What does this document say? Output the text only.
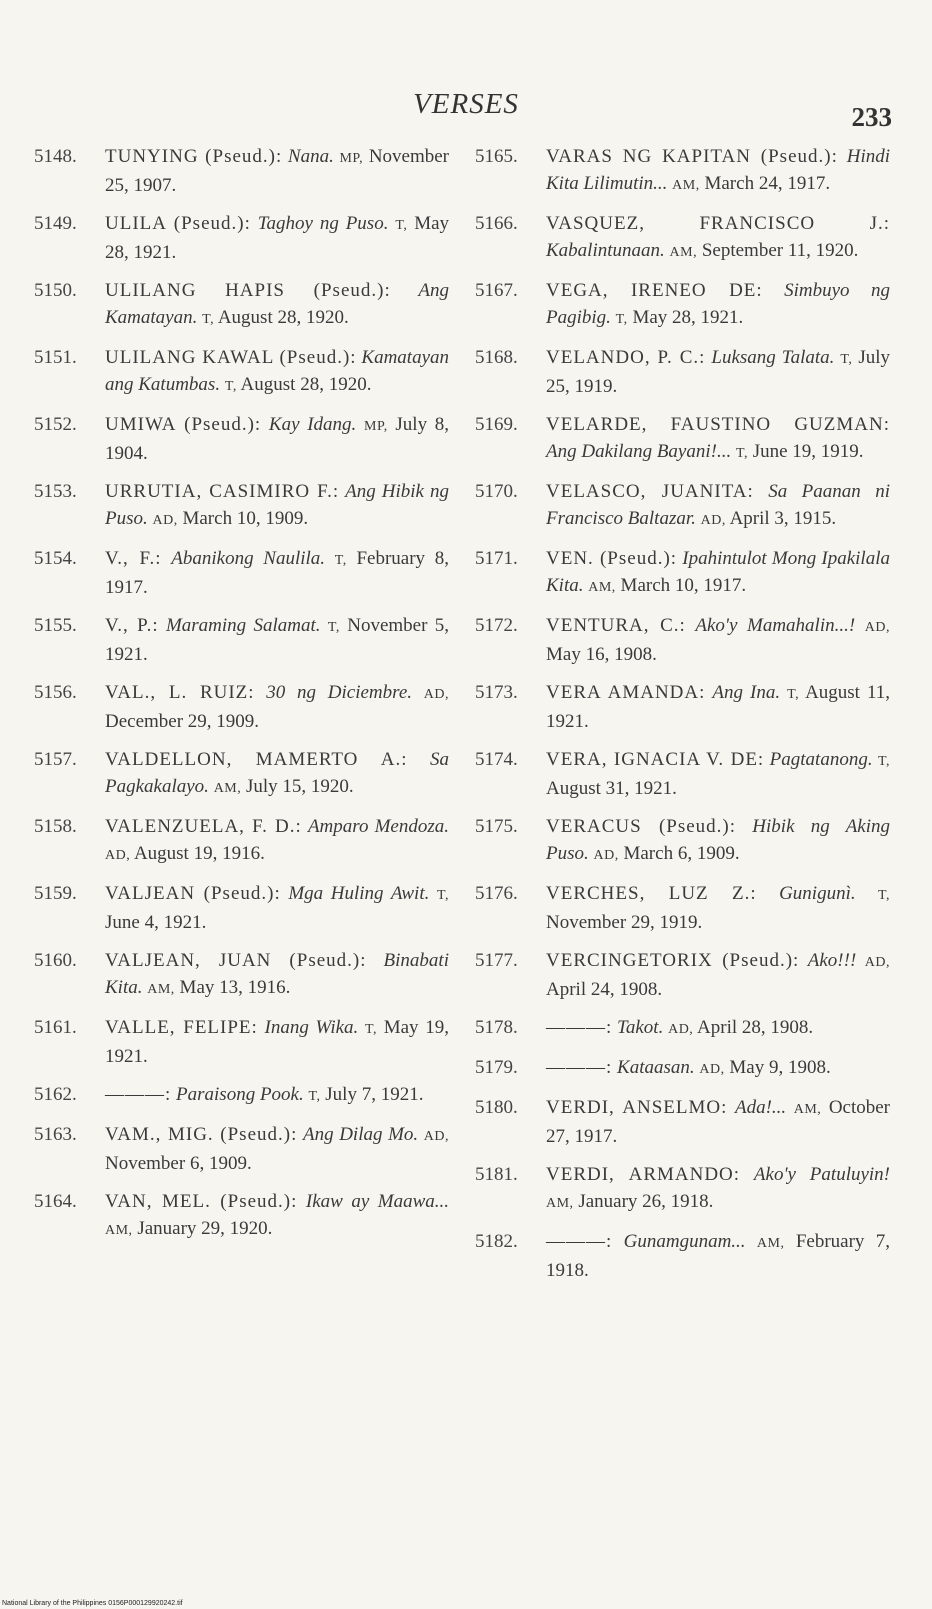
VERSES	233
5148. TUNYING (Pseud.): Nana. MP, November 25, 1907.
5149. ULILA (Pseud.): Taghoy ng Puso. T, May 28, 1921.
5150. ULILANG HAPIS (Pseud.): Ang Kamatayan. T, August 28, 1920.
5151. ULILANG KAWAL (Pseud.): Kamatayan ang Katumbas. T, August 28, 1920.
5152. UMIWA (Pseud.): Kay Idang. MP, July 8, 1904.
5153. URRUTIA, CASIMIRO F.: Ang Hibik ng Puso. AD, March 10, 1909.
5154. V., F.: Abanikong Naulila. T, February 8, 1917.
5155. V., P.: Maraming Salamat. T, November 5, 1921.
5156. VAL., L. RUIZ: 30 ng Diciembre. AD, December 29, 1909.
5157. VALDELLON, MAMERTO A.: Sa Pagkakalayo. AM, July 15, 1920.
5158. VALENZUELA, F. D.: Amparo Mendoza. AD, August 19, 1916.
5159. VALJEAN (Pseud.): Mga Huling Awit. T, June 4, 1921.
5160. VALJEAN, JUAN (Pseud.): Binabati Kita. AM, May 13, 1916.
5161. VALLE, FELIPE: Inang Wika. T, May 19, 1921.
5162. ———: Paraisong Pook. T, July 7, 1921.
5163. VAM., MIG. (Pseud.): Ang Dilag Mo. AD, November 6, 1909.
5164. VAN, MEL. (Pseud.): Ikaw ay Maawa... AM, January 29, 1920.
5165. VARAS NG KAPITAN (Pseud.): Hindi Kita Lilimutin... AM, March 24, 1917.
5166. VASQUEZ, FRANCISCO J.: Kabalintunaan. AM, September 11, 1920.
5167. VEGA, IRENEO DE: Simbuyo ng Pagibig. T, May 28, 1921.
5168. VELANDO, P. C.: Luksang Talata. T, July 25, 1919.
5169. VELARDE, FAUSTINO GUZMAN: Ang Dakilang Bayani!... T, June 19, 1919.
5170. VELASCO, JUANITA: Sa Paanan ni Francisco Baltazar. AD, April 3, 1915.
5171. VEN. (Pseud.): Ipahintulot Mong Ipakilala Kita. AM, March 10, 1917.
5172. VENTURA, C.: Ako'y Mamahalin...! AD, May 16, 1908.
5173. VERA AMANDA: Ang Ina. T, August 11, 1921.
5174. VERA, IGNACIA V. DE: Pagtatanong. T, August 31, 1921.
5175. VERACUS (Pseud.): Hibik ng Aking Puso. AD, March 6, 1909.
5176. VERCHES, LUZ Z.: Gunigunì. T, November 29, 1919.
5177. VERCINGETORIX (Pseud.): Ako!!! AD, April 24, 1908.
5178. ———: Takot. AD, April 28, 1908.
5179. ———: Kataasan. AD, May 9, 1908.
5180. VERDI, ANSELMO: Ada!... AM, October 27, 1917.
5181. VERDI, ARMANDO: Ako'y Patuluyin! AM, January 26, 1918.
5182. ———: Gunamgunam... AM, February 7, 1918.
National Library of the Philippines 0156P000129920242.tif
